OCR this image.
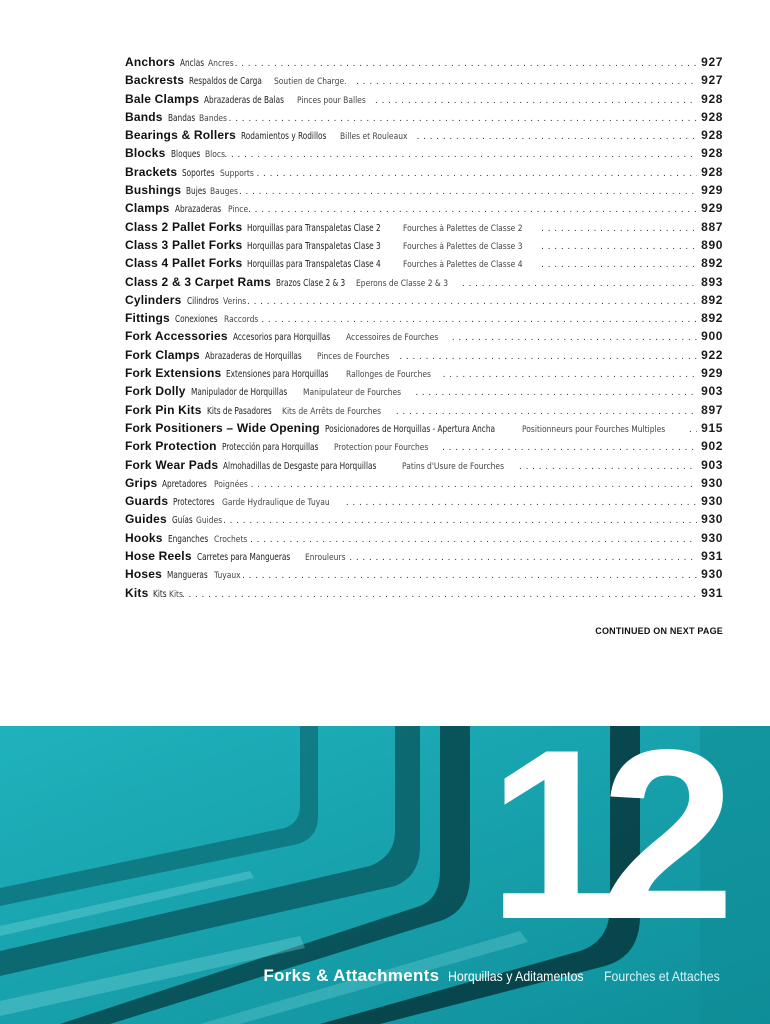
Anchors Anclas Ancres . . .	927
Backrests Respaldos de Carga Soutien de Charge. . . .	927
Bale Clamps Abrazaderas de Balas Pinces pour Balles . . .	928
Bands Bandas Bandes . . .	928
Bearings & Rollers Rodamientos y Rodillos Billes et Rouleaux . . .	928
Blocks Bloques Blocs . . .	928
Brackets Soportes Supports . . .	928
Bushings Bujes Bauges . . .	929
Clamps Abrazaderas Pince . . .	929
Class 2 Pallet Forks Horquillas para Transpaletas Clase 2 Fourches à Palettes de Classe 2 . . .	887
Class 3 Pallet Forks Horquillas para Transpaletas Clase 3 Fourches à Palettes de Classe 3 . . .	890
Class 4 Pallet Forks Horquillas para Transpaletas Clase 4 Fourches à Palettes de Classe 4 . . .	892
Class 2 & 3 Carpet Rams Brazos Clase 2 & 3 Eperons de Classe 2 & 3 . . .	893
Cylinders Cilindros Verins . . .	892
Fittings Conexiones Raccords . . .	892
Fork Accessories Accesorios para Horquillas Accessoires de Fourches . . .	900
Fork Clamps Abrazaderas de Horquillas Pinces de Fourches . . .	922
Fork Extensions Extensiones para Horquillas Rallonges de Fourches . . .	929
Fork Dolly Manipulador de Horquillas Manipulateur de Fourches . . .	903
Fork Pin Kits Kits de Pasadores Kits de Arrêts de Fourches . . .	897
Fork Positioners – Wide Opening Posicionadores de Horquillas - Apertura Ancha	Positionneurs pour Fourches Multiples . . .	915
Fork Protection Protección para Horquillas Protection pour Fourches . . .	902
Fork Wear Pads Almohadillas de Desgaste para Horquillas	Patins d'Usure de Fourches . . .	903
Grips Apretadores Poignées . . .	930
Guards Protectores Garde Hydraulique de Tuyau . . .	930
Guides Guías Guides . . .	930
Hooks Enganches Crochets . . .	930
Hose Reels Carretes para Mangueras Enrouleurs . . .	931
Hoses Mangueras Tuyaux . . .	930
Kits Kits Kits . . .	931
CONTINUED ON NEXT PAGE
12
Forks & Attachments Horquillas y Aditamentos Fourches et Attaches
